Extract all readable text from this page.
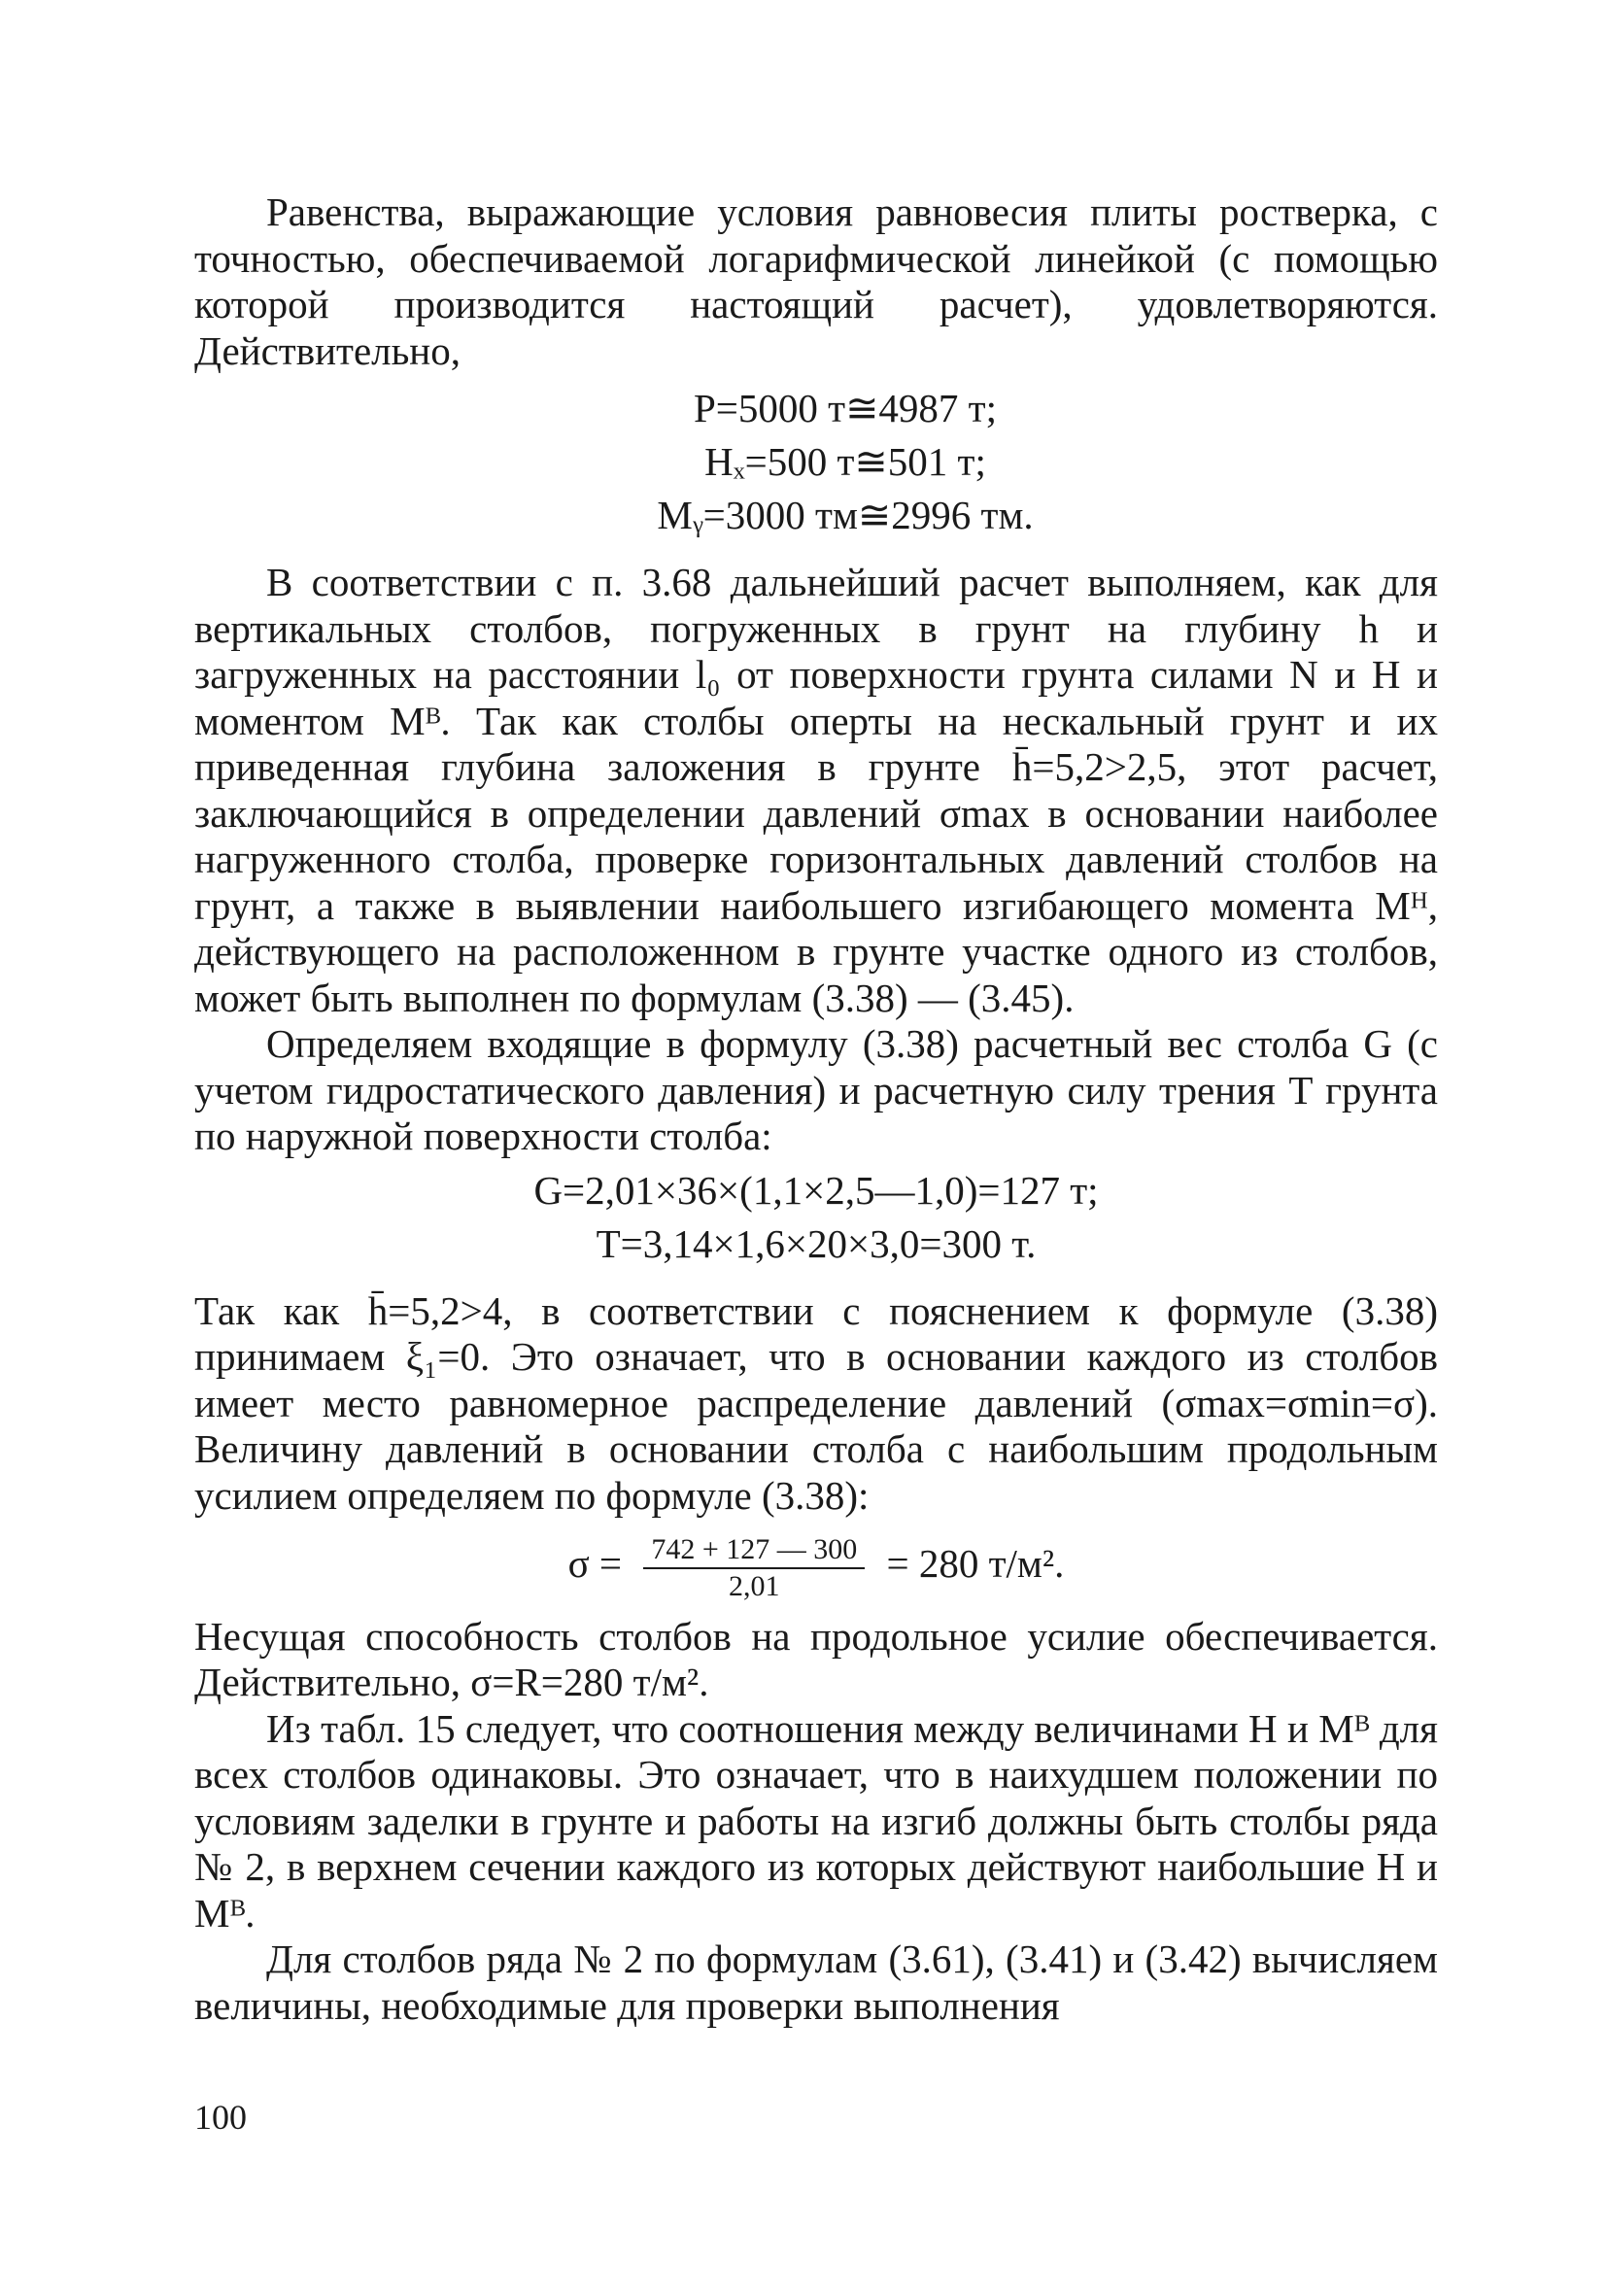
Равенства, выражающие условия равновесия плиты ростверка, с точностью, обеспечиваемой логарифмической линейкой (с помощью которой производится настоящий расчет), удовлетворяются. Действительно,

P=5000 т≅4987 т;
Hₓ=500 т≅501 т;
Mᵧ=3000 тм≅2996 тм.

В соответствии с п. 3.68 дальнейший расчет выполняем, как для вертикальных столбов, погруженных в грунт на глубину h и загруженных на расстоянии l₀ от поверхности грунта силами N и H и моментом Mᴮ. Так как столбы оперты на нескальный грунт и их приведенная глубина заложения в грунте h̄=5,2>2,5, этот расчет, заключающийся в определении давлений σmax в основании наиболее нагруженного столба, проверке горизонтальных давлений столбов на грунт, а также в выявлении наибольшего изгибающего момента Mᴴ, действующего на расположенном в грунте участке одного из столбов, может быть выполнен по формулам (3.38) — (3.45).

Определяем входящие в формулу (3.38) расчетный вес столба G (с учетом гидростатического давления) и расчетную силу трения T грунта по наружной поверхности столба:

G=2,01×36×(1,1×2,5—1,0)=127 т;
T=3,14×1,6×20×3,0=300 т.

Так как h̄=5,2>4, в соответствии с пояснением к формуле (3.38) принимаем ξ₁=0. Это означает, что в основании каждого из столбов имеет место равномерное распределение давлений (σmax=σmin=σ). Величину давлений в основании столба с наибольшим продольным усилием определяем по формуле (3.38):

$\sigma = \frac{742 + 127 — 300}{2,01} = 280$ т/м².

Несущая способность столбов на продольное усилие обеспечивается. Действительно, σ=R=280 т/м².

Из табл. 15 следует, что соотношения между величинами H и Mᴮ для всех столбов одинаковы. Это означает, что в наихудшем положении по условиям заделки в грунте и работы на изгиб должны быть столбы ряда № 2, в верхнем сечении каждого из которых действуют наибольшие H и Mᴮ.

Для столбов ряда № 2 по формулам (3.61), (3.41) и (3.42) вычисляем величины, необходимые для проверки выполнения

100
